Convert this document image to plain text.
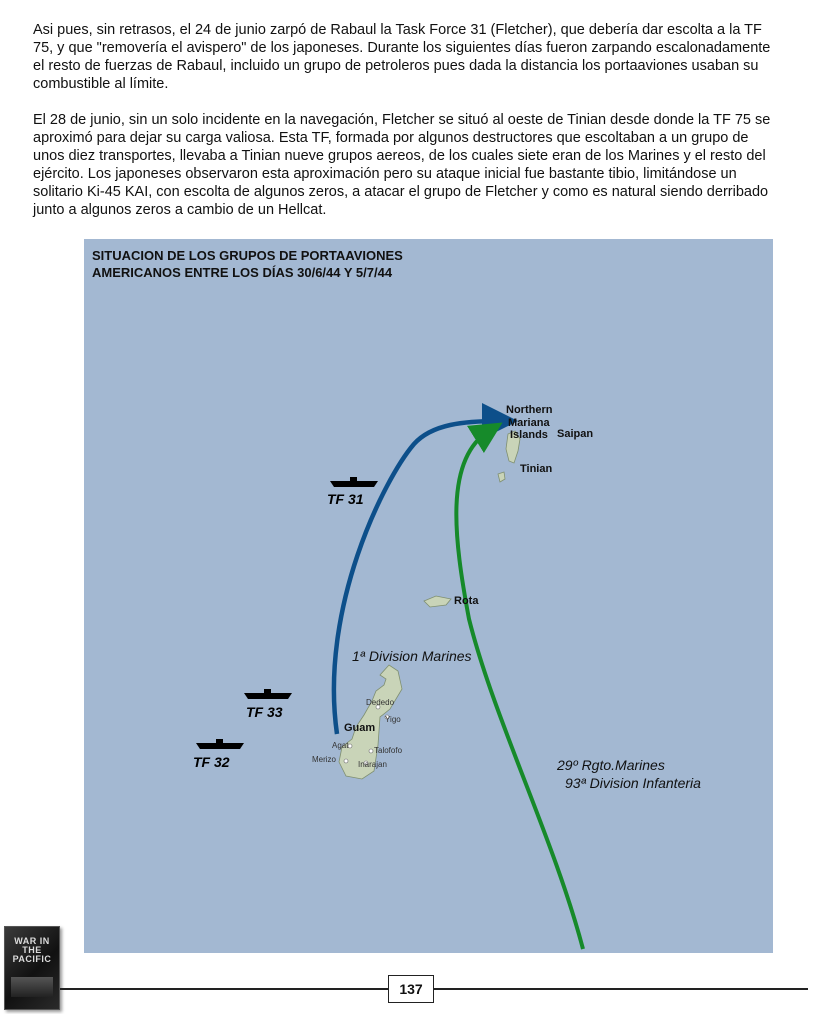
Asi pues, sin retrasos, el 24 de junio zarpó de Rabaul la Task Force 31 (Fletcher), que debería dar escolta a la TF 75, y que "removería el avispero" de los japoneses. Durante los siguientes días fueron zarpando escalonadamente el resto de fuerzas de Rabaul, incluido un grupo de petroleros pues dada la distancia los portaaviones usaban su combustible al límite.

El 28 de junio, sin un solo incidente en la navegación, Fletcher se situó al oeste de Tinian desde donde la TF 75 se aproximó para dejar su carga valiosa. Esta TF, formada por algunos destructores que escoltaban a un grupo de unos diez transportes, llevaba a Tinian nueve grupos aereos, de los cuales siete eran de los Marines y el resto del ejército. Los japoneses observaron esta aproximación pero su ataque inicial fue bastante tibio, limitándose un solitario Ki-45 KAI, con escolta de algunos zeros, a atacar el grupo de Fletcher y como es natural siendo derribado junto a algunos zeros a cambio de un Hellcat.

SITUACION DE LOS GRUPOS DE PORTAAVIONES
AMERICANOS ENTRE LOS DÍAS 30/6/44 Y 5/7/44
Northern
Mariana
Islands Saipan
Tinian
Rota
Guam
Dededo
Yigo
Agat
Talofofo
Merizo
Inarajan
TF 31
TF 33
TF 32
1ª Division Marines
29º Rgto.Marines
93ª Division Infanteria
WAR IN THE PACIFIC
137
